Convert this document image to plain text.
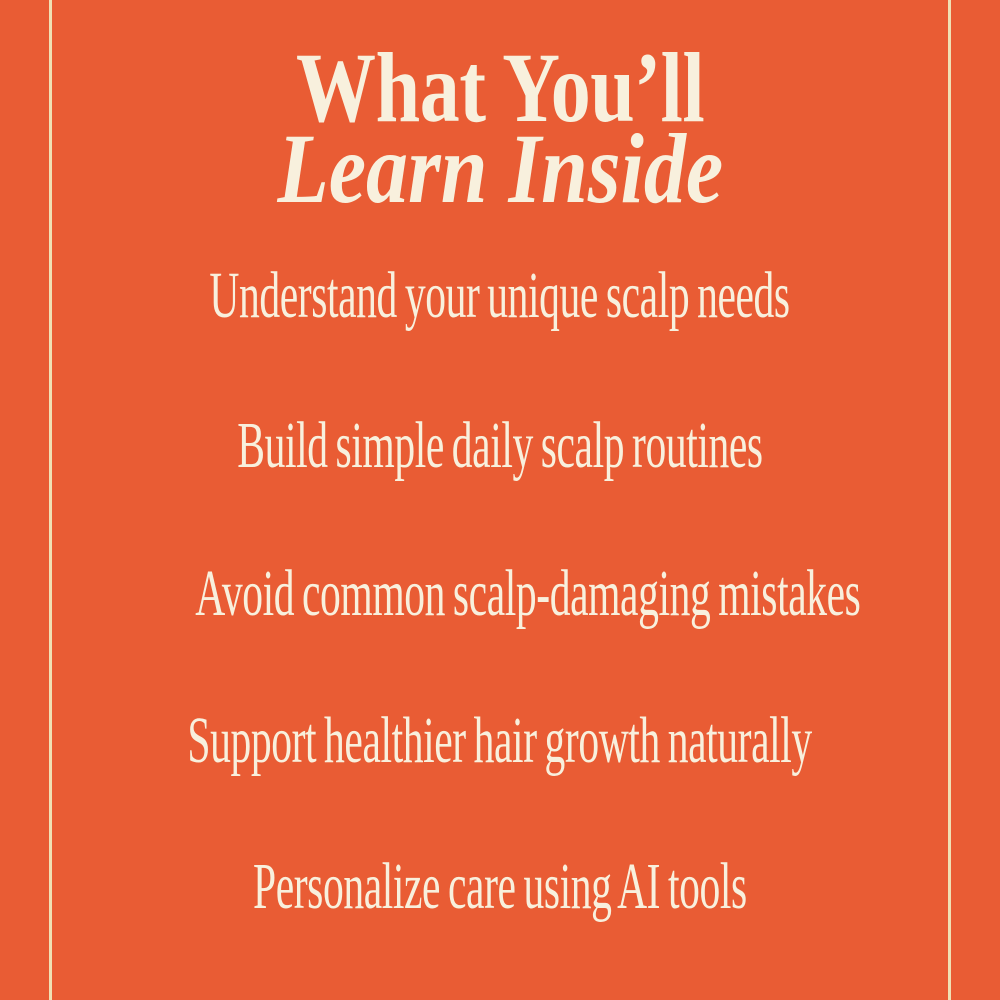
What You’ll
Learn Inside
Understand your unique scalp needs
Build simple daily scalp routines
Avoid common scalp-damaging mistakes
Support healthier hair growth naturally
Personalize care using AI tools
